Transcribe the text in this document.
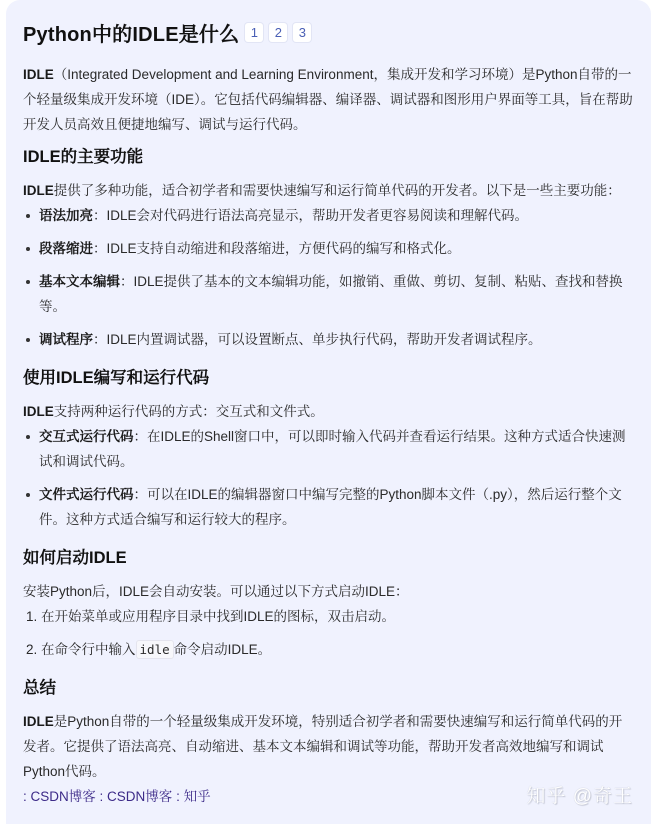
Python中的IDLE是什么 1	2	3

IDLE（Integrated Development and Learning Environment，集成开发和学习环境）是Python自带的一个轻量级集成开发环境（IDE）。它包括代码编辑器、编译器、调试器和图形用户界面等工具，旨在帮助开发人员高效且便捷地编写、调试与运行代码。

IDLE的主要功能

IDLE提供了多种功能，适合初学者和需要快速编写和运行简单代码的开发者。以下是一些主要功能：

语法加亮：IDLE会对代码进行语法高亮显示，帮助开发者更容易阅读和理解代码。
段落缩进：IDLE支持自动缩进和段落缩进，方便代码的编写和格式化。
基本文本编辑：IDLE提供了基本的文本编辑功能，如撤销、重做、剪切、复制、粘贴、查找和替换等。
调试程序：IDLE内置调试器，可以设置断点、单步执行代码，帮助开发者调试程序。
使用IDLE编写和运行代码

IDLE支持两种运行代码的方式：交互式和文件式。

交互式运行代码：在IDLE的Shell窗口中，可以即时输入代码并查看运行结果。这种方式适合快速测试和调试代码。
文件式运行代码：可以在IDLE的编辑器窗口中编写完整的Python脚本文件（.py），然后运行整个文件。这种方式适合编写和运行较大的程序。
如何启动IDLE

安装Python后，IDLE会自动安装。可以通过以下方式启动IDLE：

1. 在开始菜单或应用程序目录中找到IDLE的图标，双击启动。
2. 在命令行中输入 idle 命令启动IDLE。
总结

IDLE是Python自带的一个轻量级集成开发环境，特别适合初学者和需要快速编写和运行简单代码的开发者。它提供了语法高亮、自动缩进、基本文本编辑和调试等功能，帮助开发者高效地编写和调试Python代码。

: CSDN博客 : CSDN博客 : 知乎	知乎 @奇王
